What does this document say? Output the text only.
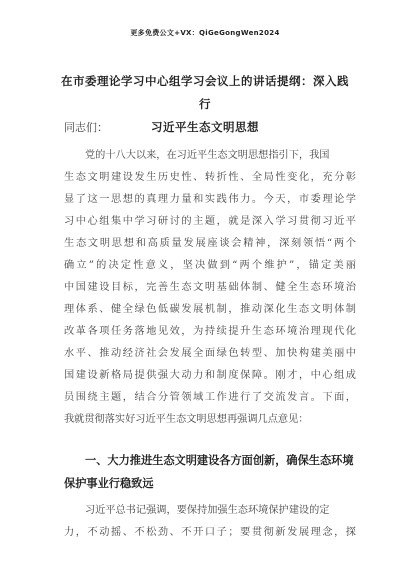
更多免费公文+VX：QiGeGongWen2024
在市委理论学习中心组学习会议上的讲话提纲：深入践行
习近平生态文明思想
同志们：
党的十八大以来，在习近平生态文明思想指引下，我国
生态文明建设发生历史性、转折性、全局性变化，充分彰
显了这一思想的真理力量和实践伟力。今天，市委理论学
习中心组集中学习研讨的主题，就是深入学习贯彻习近平
生态文明思想和高质量发展座谈会精神，深刻领悟“两个
确立”的决定性意义，坚决做到“两个维护”，锚定美丽
中国建设目标，完善生态文明基础体制、健全生态环境治
理体系、健全绿色低碳发展机制，推动深化生态文明体制
改革各项任务落地见效，为持续提升生态环境治理现代化
水平、推动经济社会发展全面绿色转型、加快构建美丽中
国建设新格局提供强大动力和制度保障。刚才，中心组成
员围绕主题，结合分管领域工作进行了交流发言。下面，
我就贯彻落实好习近平生态文明思想再强调几点意见：
一、大力推进生态文明建设各方面创新，确保生态环境
保护事业行稳致远
习近平总书记强调，要保持加强生态环境保护建设的定
力，不动摇、不松劲、不开口子；要贯彻新发展理念，探
